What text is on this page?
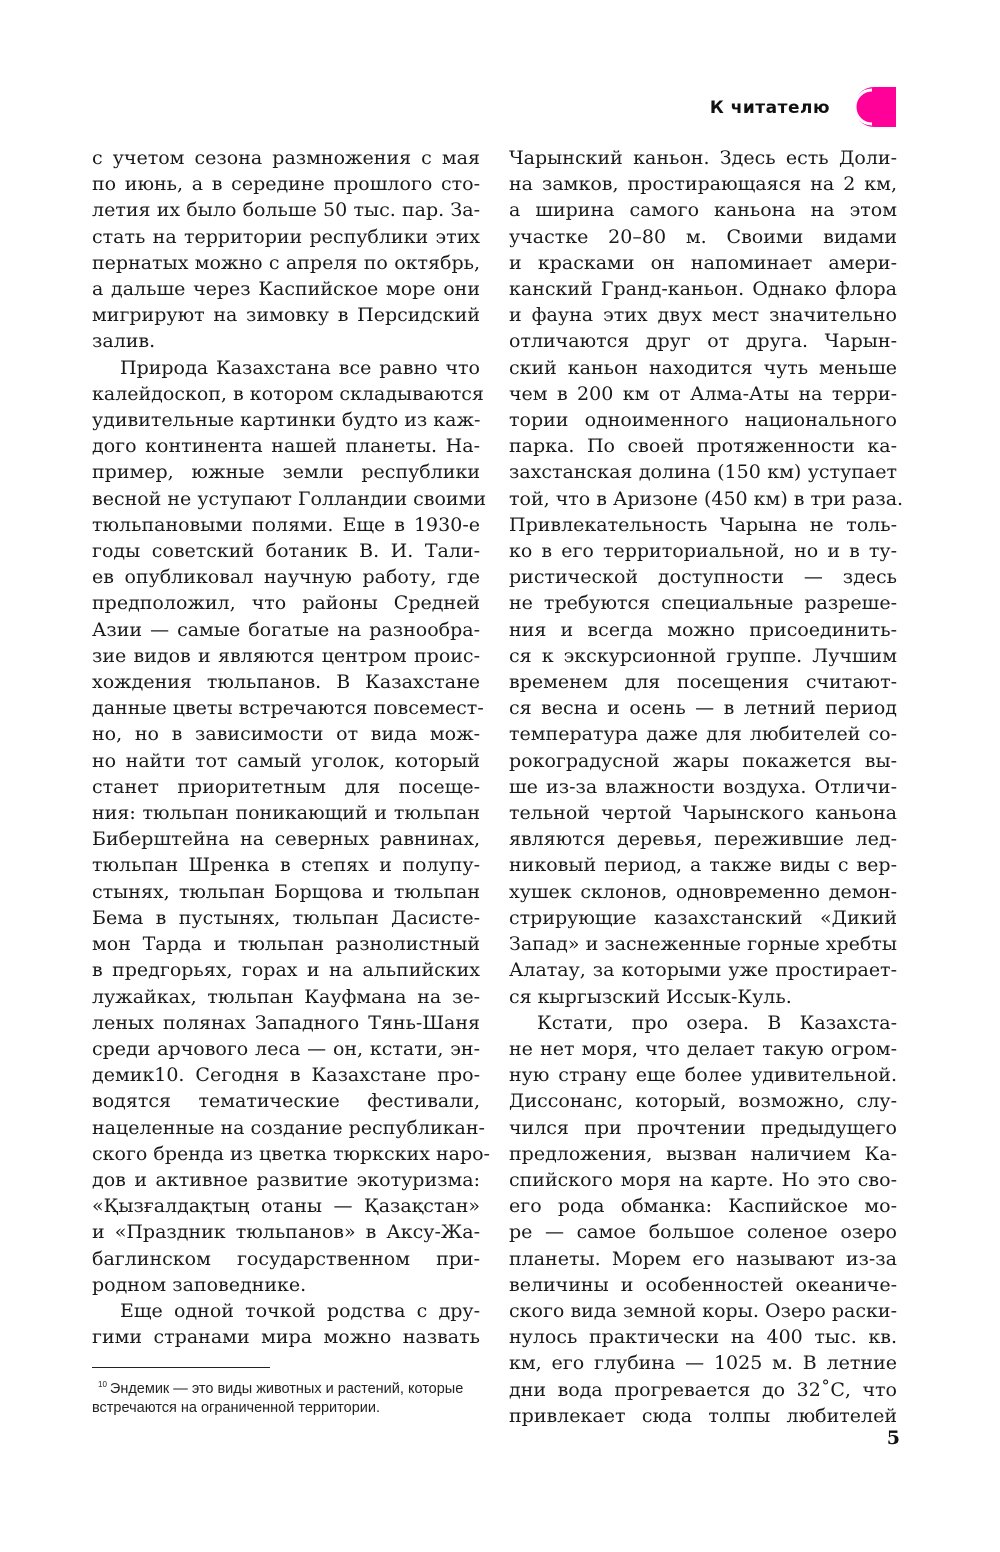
К читателю

с учетом сезона размножения с мая
по июнь, а в середине прошлого сто-
летия их было больше 50 тыс. пар. За-
стать на территории республики этих
пернатых можно с апреля по октябрь,
а дальше через Каспийское море они
мигрируют на зимовку в Персидский
залив.

Природа Казахстана все равно что
калейдоскоп, в котором складываются
удивительные картинки будто из каж-
дого континента нашей планеты. На-
пример, южные земли республики
весной не уступают Голландии своими
тюльпановыми полями. Еще в 1930-е
годы советский ботаник В. И. Тали-
ев опубликовал научную работу, где
предположил, что районы Средней
Азии — самые богатые на разнообра-
зие видов и являются центром проис-
хождения тюльпанов. В Казахстане
данные цветы встречаются повсемест-
но, но в зависимости от вида мож-
но найти тот самый уголок, который
станет приоритетным для посеще-
ния: тюльпан поникающий и тюльпан
Биберштейна на северных равнинах,
тюльпан Шренка в степях и полупу-
стынях, тюльпан Борщова и тюльпан
Бема в пустынях, тюльпан Дасисте-
мон Тарда и тюльпан разнолистный
в предгорьях, горах и на альпийских
лужайках, тюльпан Кауфмана на зе-
леных полянах Западного Тянь-Шаня
среди арчового леса — он, кстати, эн-
демик10. Сегодня в Казахстане про-
водятся тематические фестивали,
нацеленные на создание республикан-
ского бренда из цветка тюркских наро-
дов и активное развитие экотуризма:
«Қызғалдақтың отаны — Қазақстан»
и «Праздник тюльпанов» в Аксу-Жа-
баглинском государственном при-
родном заповеднике.

Еще одной точкой родства с дру-
гими странами мира можно назвать

Чарынский каньон. Здесь есть Доли-
на замков, простирающаяся на 2 км,
а ширина самого каньона на этом
участке 20–80 м. Своими видами
и красками он напоминает амери-
канский Гранд-каньон. Однако флора
и фауна этих двух мест значительно
отличаются друг от друга. Чарын-
ский каньон находится чуть меньше
чем в 200 км от Алма-Аты на терри-
тории одноименного национального
парка. По своей протяженности ка-
захстанская долина (150 км) уступает
той, что в Аризоне (450 км) в три раза.
Привлекательность Чарына не толь-
ко в его территориальной, но и в ту-
ристической доступности — здесь
не требуются специальные разреше-
ния и всегда можно присоединить-
ся к экскурсионной группе. Лучшим
временем для посещения считают-
ся весна и осень — в летний период
температура даже для любителей со-
рокоградусной жары покажется вы-
ше из-за влажности воздуха. Отличи-
тельной чертой Чарынского каньона
являются деревья, пережившие лед-
никовый период, а также виды с вер-
хушек склонов, одновременно демон-
стрирующие казахстанский «Дикий
Запад» и заснеженные горные хребты
Алатау, за которыми уже простирает-
ся кыргызский Иссык-Куль.

Кстати, про озера. В Казахста-
не нет моря, что делает такую огром-
ную страну еще более удивительной.
Диссонанс, который, возможно, слу-
чился при прочтении предыдущего
предложения, вызван наличием Ка-
спийского моря на карте. Но это сво-
его рода обманка: Каспийское мо-
ре — самое большое соленое озеро
планеты. Морем его называют из-за
величины и особенностей океаниче-
ского вида земной коры. Озеро раски-
нулось практически на 400 тыс. кв.
км, его глубина — 1025 м. В летние
дни вода прогревается до 32˚С, что
привлекает сюда толпы любителей

$^{10}$ Эндемик — это виды животных и растений, которые
встречаются на ограниченной территории.
5
